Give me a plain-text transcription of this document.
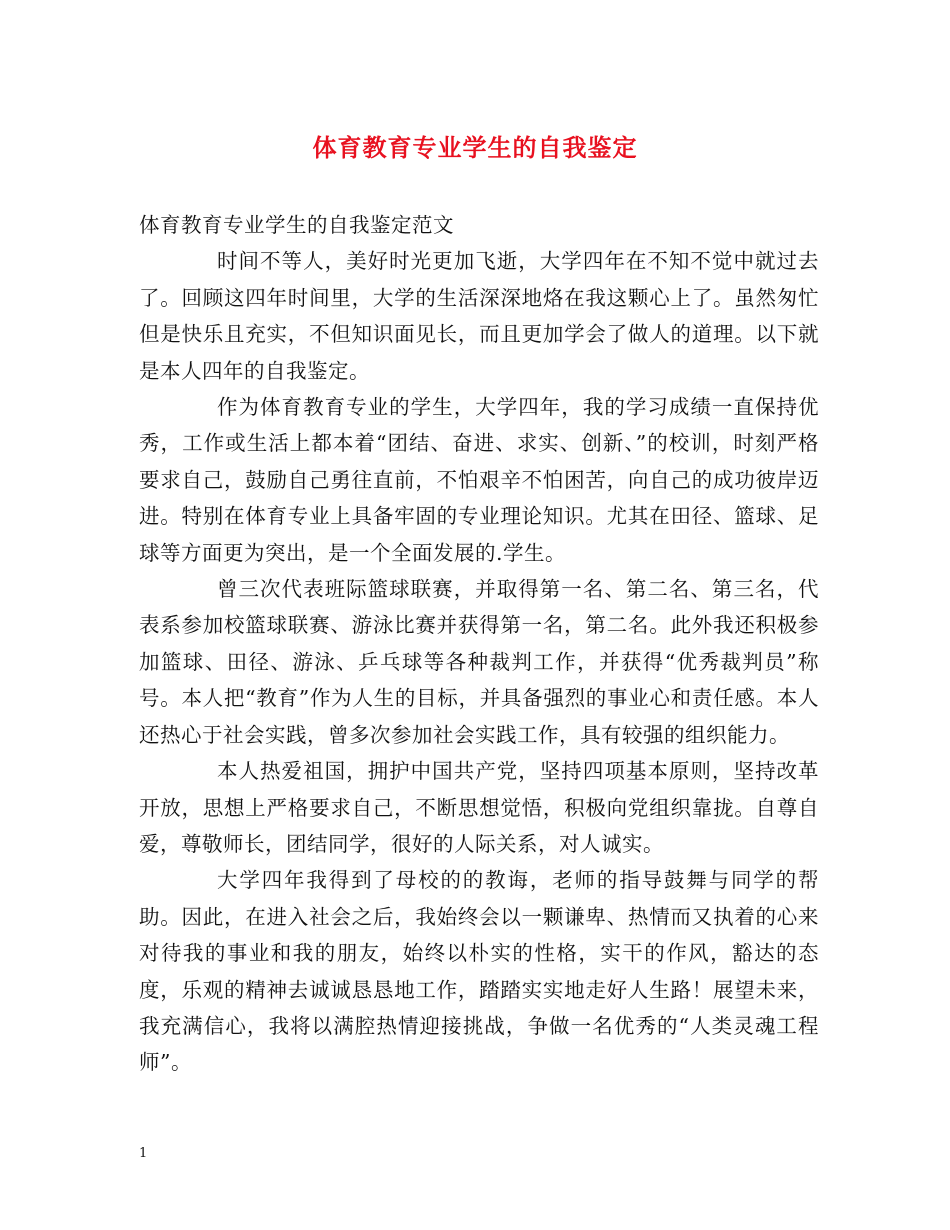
体育教育专业学生的自我鉴定

体育教育专业学生的自我鉴定范文

时间不等人，美好时光更加飞逝，大学四年在不知不觉中就过去了。回顾这四年时间里，大学的生活深深地烙在我这颗心上了。虽然匆忙但是快乐且充实，不但知识面见长，而且更加学会了做人的道理。以下就是本人四年的自我鉴定。

作为体育教育专业的学生，大学四年，我的学习成绩一直保持优秀，工作或生活上都本着“团结、奋进、求实、创新、”的校训，时刻严格要求自己，鼓励自己勇往直前，不怕艰辛不怕困苦，向自己的成功彼岸迈进。特别在体育专业上具备牢固的专业理论知识。尤其在田径、篮球、足球等方面更为突出，是一个全面发展的.学生。

曾三次代表班际篮球联赛，并取得第一名、第二名、第三名，代表系参加校篮球联赛、游泳比赛并获得第一名，第二名。此外我还积极参加篮球、田径、游泳、乒乓球等各种裁判工作，并获得“优秀裁判员”称号。本人把“教育”作为人生的目标，并具备强烈的事业心和责任感。本人还热心于社会实践，曾多次参加社会实践工作，具有较强的组织能力。

本人热爱祖国，拥护中国共产党，坚持四项基本原则，坚持改革开放，思想上严格要求自己，不断思想觉悟，积极向党组织靠拢。自尊自爱，尊敬师长，团结同学，很好的人际关系，对人诚实。

大学四年我得到了母校的的教诲，老师的指导鼓舞与同学的帮助。因此，在进入社会之后，我始终会以一颗谦卑、热情而又执着的心来对待我的事业和我的朋友，始终以朴实的性格，实干的作风，豁达的态度，乐观的精神去诚诚恳恳地工作，踏踏实实地走好人生路！展望未来，我充满信心，我将以满腔热情迎接挑战，争做一名优秀的“人类灵魂工程师”。

1
